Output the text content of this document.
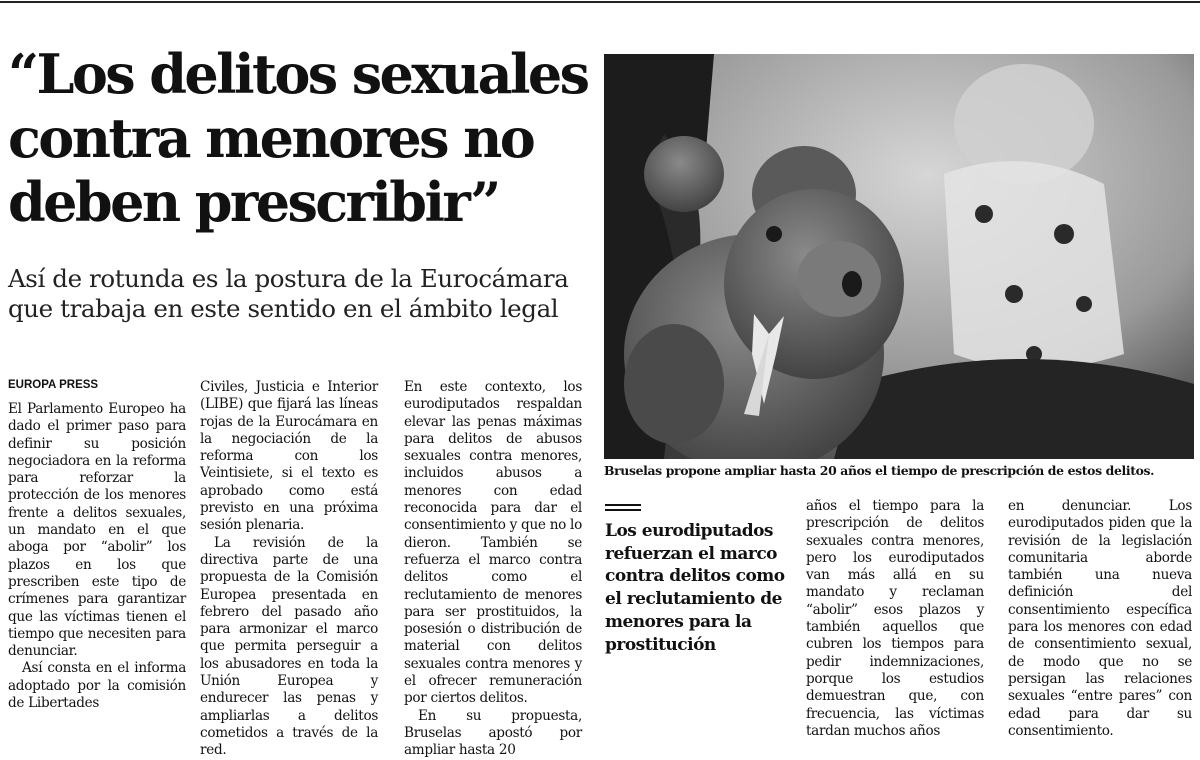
“Los delitos sexuales
contra menores no
deben prescribir”
Así de rotunda es la postura de la Eurocámara
que trabaja en este sentido en el ámbito legal
EUROPA PRESS

El Parlamento Europeo ha dado el primer paso para definir su posición negociadora en la reforma para reforzar la protección de los menores frente a delitos sexuales, un mandato en el que aboga por “abolir” los plazos en los que prescriben este tipo de crímenes para garantizar que las víctimas tienen el tiempo que necesiten para denunciar.

Así consta en el informa adoptado por la comisión de Libertades

Civiles, Justicia e Interior (LIBE) que fijará las líneas rojas de la Eurocámara en la negociación de la reforma con los Veintisiete, si el texto es aprobado como está previsto en una próxima sesión plenaria.

La revisión de la directiva parte de una propuesta de la Comisión Europea presentada en febrero del pasado año para armonizar el marco que permita perseguir a los abusadores en toda la Unión Europea y endurecer las penas y ampliarlas a delitos cometidos a través de la red.

En este contexto, los eurodiputados respaldan elevar las penas máximas para delitos de abusos sexuales contra menores, incluidos abusos a menores con edad reconocida para dar el consentimiento y que no lo dieron. También se refuerza el marco contra delitos como el reclutamiento de menores para ser prostituidos, la posesión o distribución de material con delitos sexuales contra menores y el ofrecer remuneración por ciertos delitos.

En su propuesta, Bruselas apostó por ampliar hasta 20

Bruselas propone ampliar hasta 20 años el tiempo de prescripción de estos delitos.

Los eurodiputados refuerzan el marco contra delitos como el reclutamiento de menores para la prostitución

años el tiempo para la prescripción de delitos sexuales contra menores, pero los eurodiputados van más allá en su mandato y reclaman “abolir” esos plazos y también aquellos que cubren los tiempos para pedir indemnizaciones, porque los estudios demuestran que, con frecuencia, las víctimas tardan muchos años

en denunciar. Los eurodiputados piden que la revisión de la legislación comunitaria aborde también una nueva definición del consentimiento específica para los menores con edad de consentimiento sexual, de modo que no se persigan las relaciones sexuales “entre pares” con edad para dar su consentimiento.
